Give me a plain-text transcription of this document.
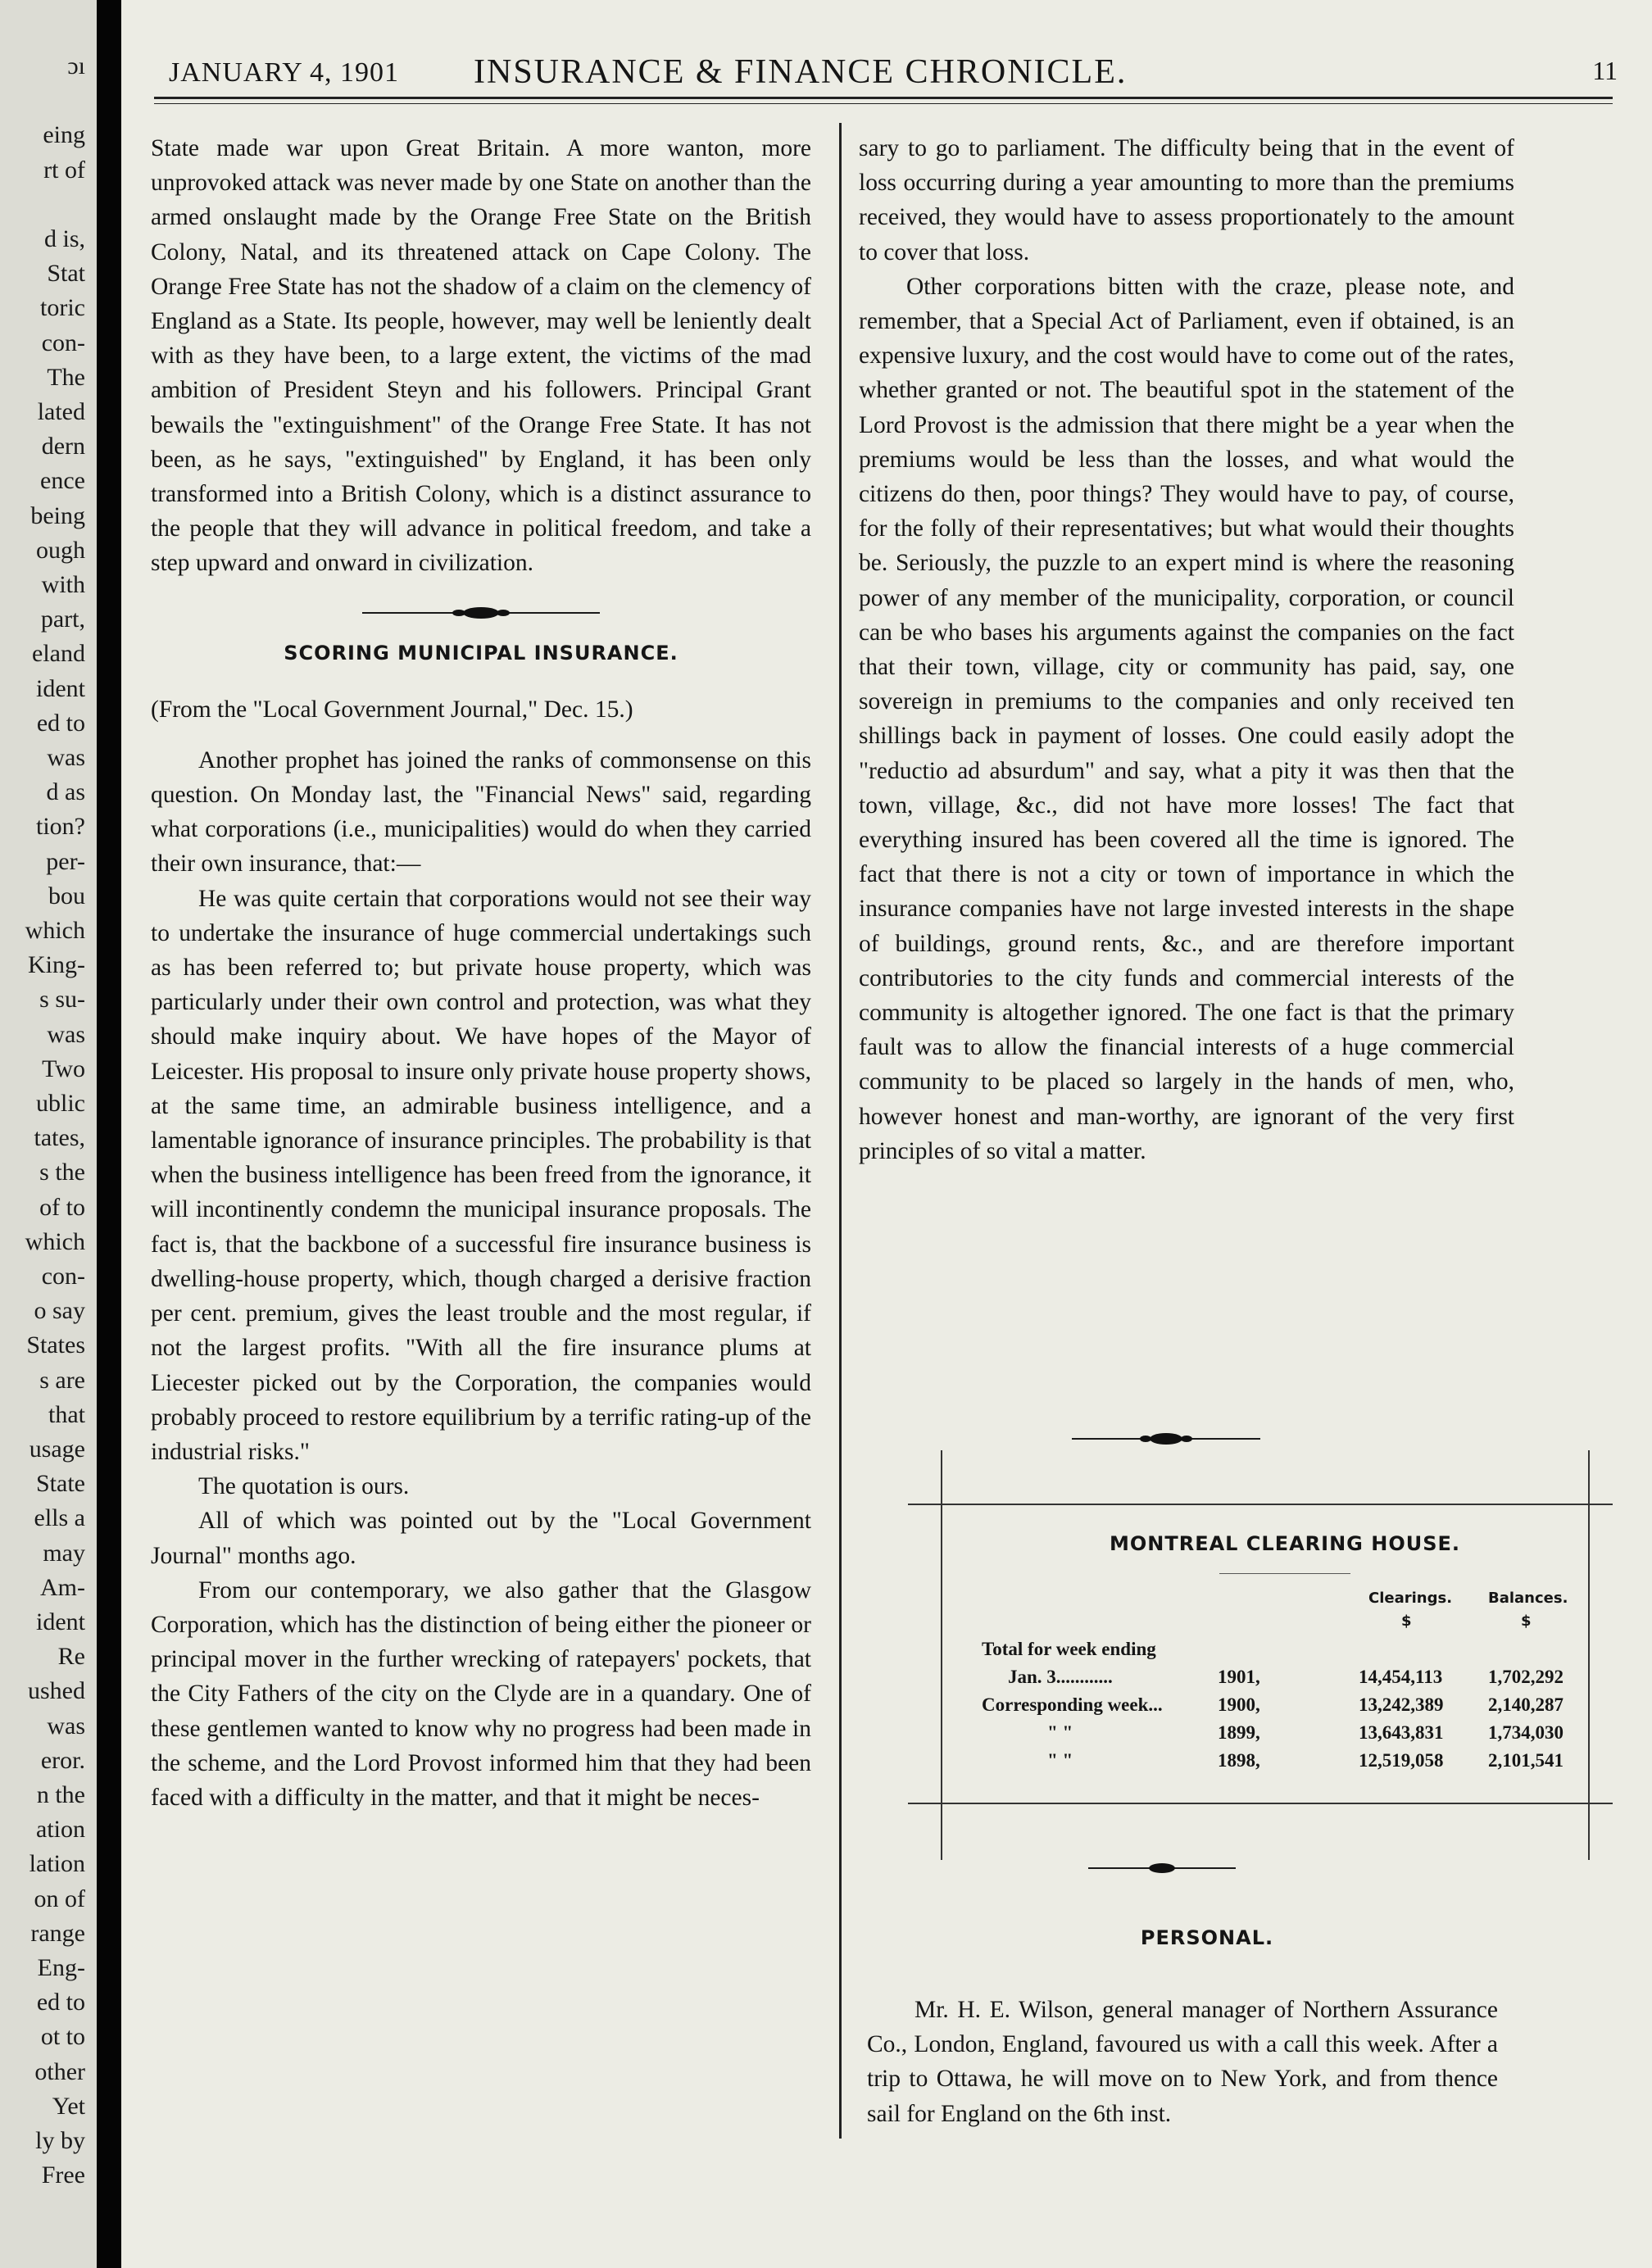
ɔı
eing
rt of
d is,
Stat
toric
con-
The
lated
dern
ence
being
ough
with
part,
eland
ident
ed to
was
d as
tion?
per-
bou
which
King-
s su-
was
Two
ublic
tates,
s the
of to
which
con-
o say
States
s are
that
usage
State
ells a
may
Am-
ident
Re
ushed
was
eror.
n the
ation
lation
on of
range
Eng-
ed to
ot to
other
Yet
ly by
Free
JANUARY 4, 1901 INSURANCE & FINANCE CHRONICLE.	11

State made war upon Great Britain. A more wanton, more unprovoked attack was never made by one State on another than the armed onslaught made by the Orange Free State on the British Colony, Natal, and its threatened attack on Cape Colony. The Orange Free State has not the shadow of a claim on the clemency of England as a State. Its people, however, may well be leniently dealt with as they have been, to a large extent, the victims of the mad ambition of President Steyn and his followers. Principal Grant bewails the "extinguishment" of the Orange Free State. It has not been, as he says, "extinguished" by England, it has been only transformed into a British Colony, which is a distinct assurance to the people that they will advance in political freedom, and take a step upward and onward in civilization.

SCORING MUNICIPAL INSURANCE.

(From the "Local Government Journal," Dec. 15.)

Another prophet has joined the ranks of commonsense on this question. On Monday last, the "Financial News" said, regarding what corporations (i.e., municipalities) would do when they carried their own insurance, that:—

He was quite certain that corporations would not see their way to undertake the insurance of huge commercial undertakings such as has been referred to; but private house property, which was particularly under their own control and protection, was what they should make inquiry about. We have hopes of the Mayor of Leicester. His proposal to insure only private house property shows, at the same time, an admirable business intelligence, and a lamentable ignorance of insurance principles. The probability is that when the business intelligence has been freed from the ignorance, it will incontinently condemn the municipal insurance proposals. The fact is, that the backbone of a successful fire insurance business is dwelling-house property, which, though charged a derisive fraction per cent. premium, gives the least trouble and the most regular, if not the largest profits. "With all the fire insurance plums at Liecester picked out by the Corporation, the companies would probably proceed to restore equilibrium by a terrific rating-up of the industrial risks."

The quotation is ours.

All of which was pointed out by the "Local Government Journal" months ago.

From our contemporary, we also gather that the Glasgow Corporation, which has the distinction of being either the pioneer or principal mover in the further wrecking of ratepayers' pockets, that the City Fathers of the city on the Clyde are in a quandary. One of these gentlemen wanted to know why no progress had been made in the scheme, and the Lord Provost informed him that they had been faced with a difficulty in the matter, and that it might be neces-

sary to go to parliament. The difficulty being that in the event of loss occurring during a year amounting to more than the premiums received, they would have to assess proportionately to the amount to cover that loss.

Other corporations bitten with the craze, please note, and remember, that a Special Act of Parliament, even if obtained, is an expensive luxury, and the cost would have to come out of the rates, whether granted or not. The beautiful spot in the statement of the Lord Provost is the admission that there might be a year when the premiums would be less than the losses, and what would the citizens do then, poor things? They would have to pay, of course, for the folly of their representatives; but what would their thoughts be. Seriously, the puzzle to an expert mind is where the reasoning power of any member of the municipality, corporation, or council can be who bases his arguments against the companies on the fact that their town, village, city or community has paid, say, one sovereign in premiums to the companies and only received ten shillings back in payment of losses. One could easily adopt the "reductio ad absurdum" and say, what a pity it was then that the town, village, &c., did not have more losses! The fact that everything insured has been covered all the time is ignored. The fact that there is not a city or town of importance in which the insurance companies have not large invested interests in the shape of buildings, ground rents, &c., and are therefore important contributories to the city funds and commercial interests of the community is altogether ignored. The one fact is that the primary fault was to allow the financial interests of a huge commercial community to be placed so largely in the hands of men, who, however honest and man-worthy, are ignorant of the very first principles of so vital a matter.

MONTREAL CLEARING HOUSE.
Clearings. Balances.
$	$
Total for week ending
Jan. 3............	1901,	14,454,113 1,702,292
Corresponding week...	1900,	13,242,389 2,140,287
" "	1899,	13,643,831 1,734,030
" "	1898,	12,519,058 2,101,541
PERSONAL.

Mr. H. E. Wilson, general manager of Northern Assurance Co., London, England, favoured us with a call this week. After a trip to Ottawa, he will move on to New York, and from thence sail for England on the 6th inst.
